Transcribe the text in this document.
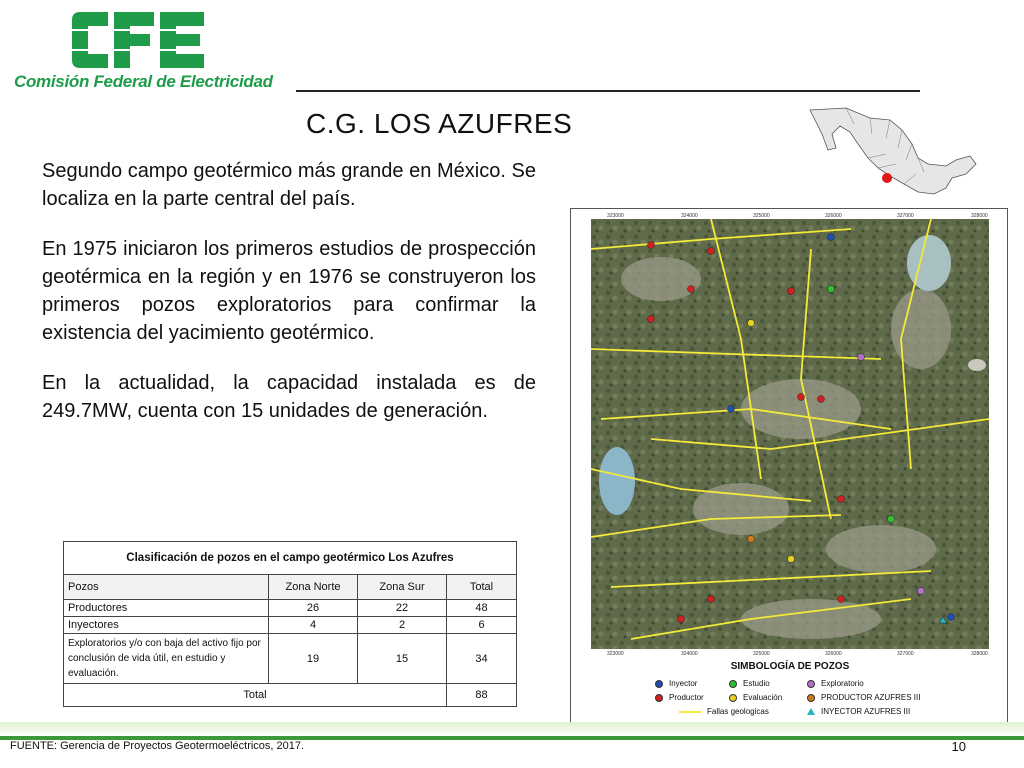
Comisión Federal de Electricidad
C.G. LOS AZUFRES

Segundo campo geotérmico más grande en México. Se localiza en la parte central del país.

En 1975 iniciaron los primeros estudios de prospección geotérmica en la región y en 1976 se construyeron los primeros pozos exploratorios para confirmar la existencia del yacimiento geotérmico.

En la actualidad, la capacidad instalada es de 249.7MW, cuenta con 15 unidades de generación.

323000	324000	325000	326000	327000	328000
323000	324000	325000	326000	327000	328000
SIMBOLOGÍA DE POZOS
Inyector
Productor
Estudio
Evaluación
Exploratorio
PRODUCTOR AZUFRES III
Fallas geologicas	INYECTOR AZUFRES III
Clasificación de pozos en el campo geotérmico Los Azufres			
Pozos	Zona Norte	Zona Sur	Total
Productores	26	22	48
Inyectores	4	2	6
Exploratorios y/o con baja del activo fijo por conclusión de vida útil, en estudio y evaluación.	19	15	34
Total			88
FUENTE: Gerencia de Proyectos Geotermoeléctricos, 2017.	10
